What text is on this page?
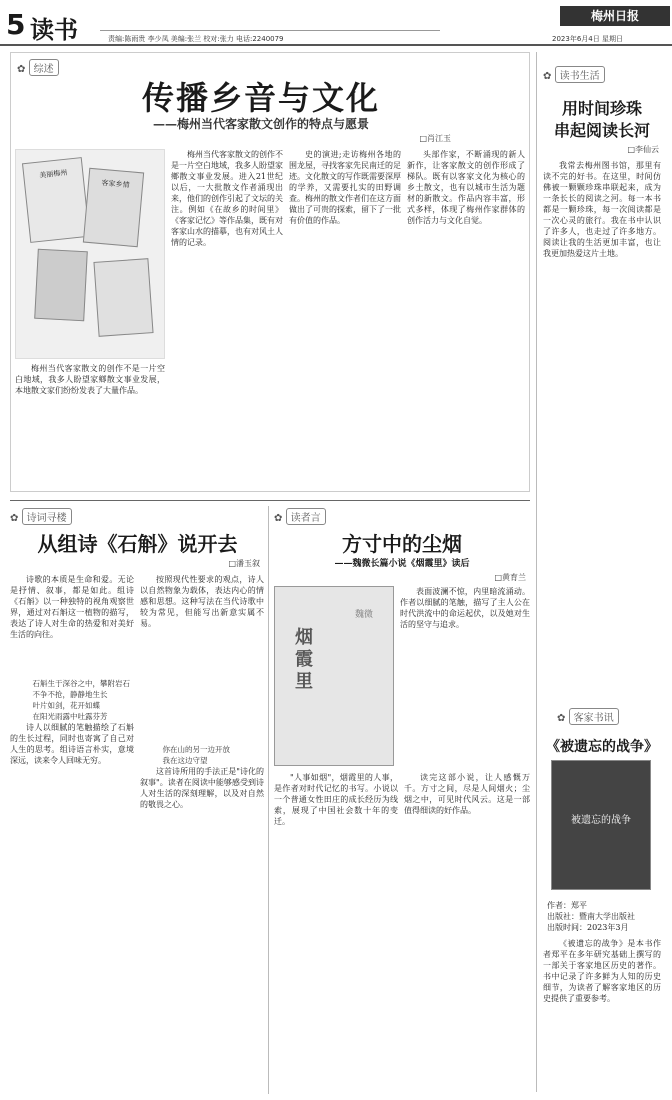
5 读书	责编:陈雨贵 李少凤 美编:张兰 校对:张力 电话:2240079
梅州日报
2023年6月4日 星期日
✿ 综述
传播乡音与文化
——梅州当代客家散文创作的特点与愿景
□肖江玉
美丽梅州
客家乡情
梅州当代客家散文的创作不是一片空白地域，我多人盼望家鄉散文事业发展，本地散文家们纷纷发表了大量作品。
梅州当代客家散文的创作不是一片空白地域，我多人盼望家鄉散文事业发展。进入21世纪以后，一大批散文作者涌现出来，他们的创作引起了文坛的关注。例如《在故乡的时间里》《客家记忆》等作品集，既有对客家山水的描摹，也有对风土人情的记录。
史的演进;走访梅州各地的围龙屋，寻找客家先民南迁的足迹。文化散文的写作既需要深厚的学养，又需要扎实的田野调查。梅州的散文作者们在这方面做出了可贵的探索，留下了一批有价值的作品。
头部作家，不断涌现的新人新作，让客家散文的创作形成了梯队。既有以客家文化为核心的乡土散文，也有以城市生活为题材的新散文。作品内容丰富，形式多样，体现了梅州作家群体的创作活力与文化自觉。
✿ 读书生活
用时间珍珠
串起阅读长河
□李仙云
我常去梅州图书馆，那里有读不完的好书。在这里，时间仿佛被一颗颗珍珠串联起来，成为一条长长的阅读之河。每一本书都是一颗珍珠，每一次阅读都是一次心灵的旅行。我在书中认识了许多人，也走过了许多地方。阅读让我的生活更加丰富，也让我更加热爱这片土地。
✿ 客家书讯
《被遗忘的战争》
被遗忘的战争
作者：郑平
出版社：暨南大学出版社
出版时间：2023年3月
《被遗忘的战争》是本书作者郑平在多年研究基础上撰写的一部关于客家地区历史的著作。书中记录了许多鲜为人知的历史细节，为读者了解客家地区的历史提供了重要参考。
✿ 诗词寻楼
从组诗《石斛》说开去
□潘玉叙
诗歌的本质是生命和爱。无论是抒情、叙事，都是如此。组诗《石斛》以一种独特的视角观察世界，通过对石斛这一植物的描写，表达了诗人对生命的热爱和对美好生活的向往。
石斛生于深谷之中，攀附岩石
不争不抢，静静地生长
叶片如剑，花开如蝶
在阳光雨露中吐露芬芳
诗人以细腻的笔触描绘了石斛的生长过程，同时也寄寓了自己对人生的思考。组诗语言朴实，意境深远，读来令人回味无穷。
按照现代性要求的观点，诗人以自然物象为载体，表达内心的情感和思想。这种写法在当代诗歌中较为常见，但能写出新意实属不易。
你在山的另一边开放
我在这边守望
这首诗所用的手法正是"诗化的叙事"。读者在阅读中能够感受到诗人对生活的深刻理解，以及对自然的敬畏之心。
✿ 读者言
方寸中的尘烟
——魏微长篇小说《烟霞里》读后
□黄育兰
烟霞里
魏微
表面波澜不惊，内里暗流涌动。作者以细腻的笔触，描写了主人公在时代洪流中的命运起伏，以及她对生活的坚守与追求。
"人事如烟"，烟霞里的人事，是作者对时代记忆的书写。小说以一个普通女性田庄的成长经历为线索，展现了中国社会数十年的变迁。
读完这部小说，让人感慨万千。方寸之间，尽是人间烟火；尘烟之中，可见时代风云。这是一部值得细读的好作品。
